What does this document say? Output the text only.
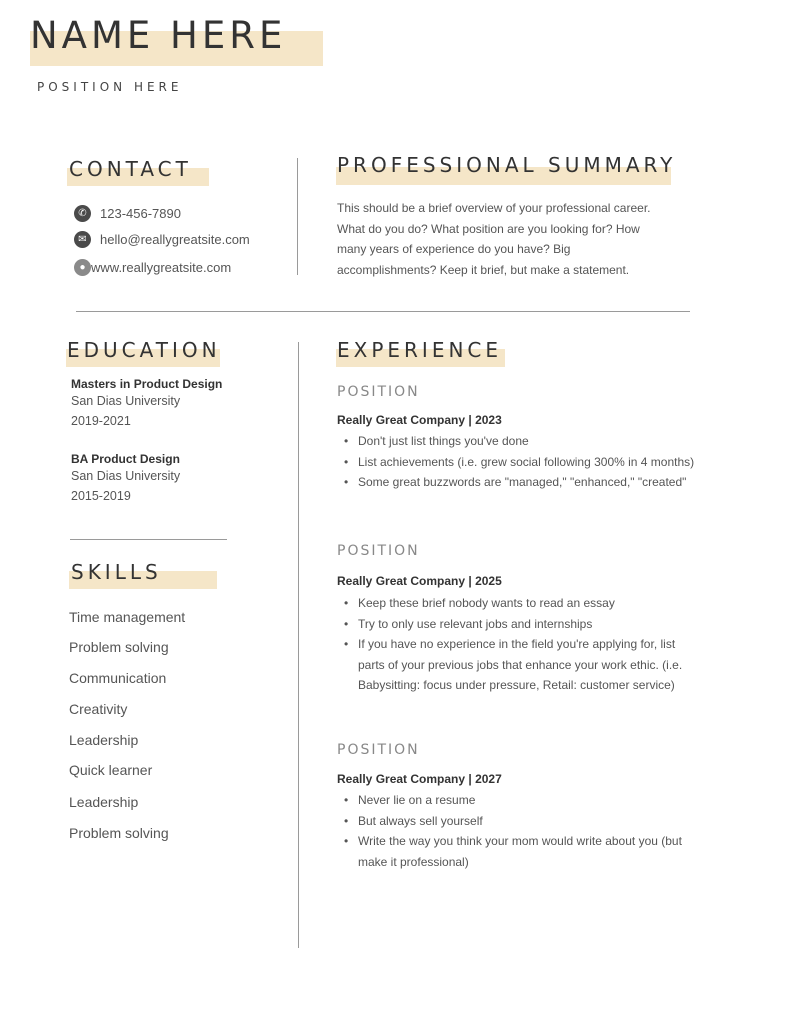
NAME HERE
POSITION HERE
CONTACT
✆	123-456-7890
✉	hello@reallygreatsite.com
● www.reallygreatsite.com
PROFESSIONAL SUMMARY
This should be a brief overview of your professional career.
What do you do? What position are you looking for? How
many years of experience do you have? Big
accomplishments? Keep it brief, but make a statement.
EDUCATION
Masters in Product Design
San Dias University
2019-2021
BA Product Design
San Dias University
2015-2019
SKILLS
Time management
Problem solving
Communication
Creativity
Leadership
Quick learner
Leadership
Problem solving
EXPERIENCE
POSITION
Really Great Company | 2023
• Don't just list things you've done
• List achievements (i.e. grew social following 300% in 4 months)
• Some great buzzwords are "managed," "enhanced," "created"
POSITION
Really Great Company | 2025
• Keep these brief nobody wants to read an essay
• Try to only use relevant jobs and internships
• If you have no experience in the field you're applying for, list parts of your previous jobs that enhance your work ethic. (i.e. Babysitting: focus under pressure, Retail: customer service)
POSITION
Really Great Company | 2027
• Never lie on a resume
• But always sell yourself
• Write the way you think your mom would write about you (but make it professional)
